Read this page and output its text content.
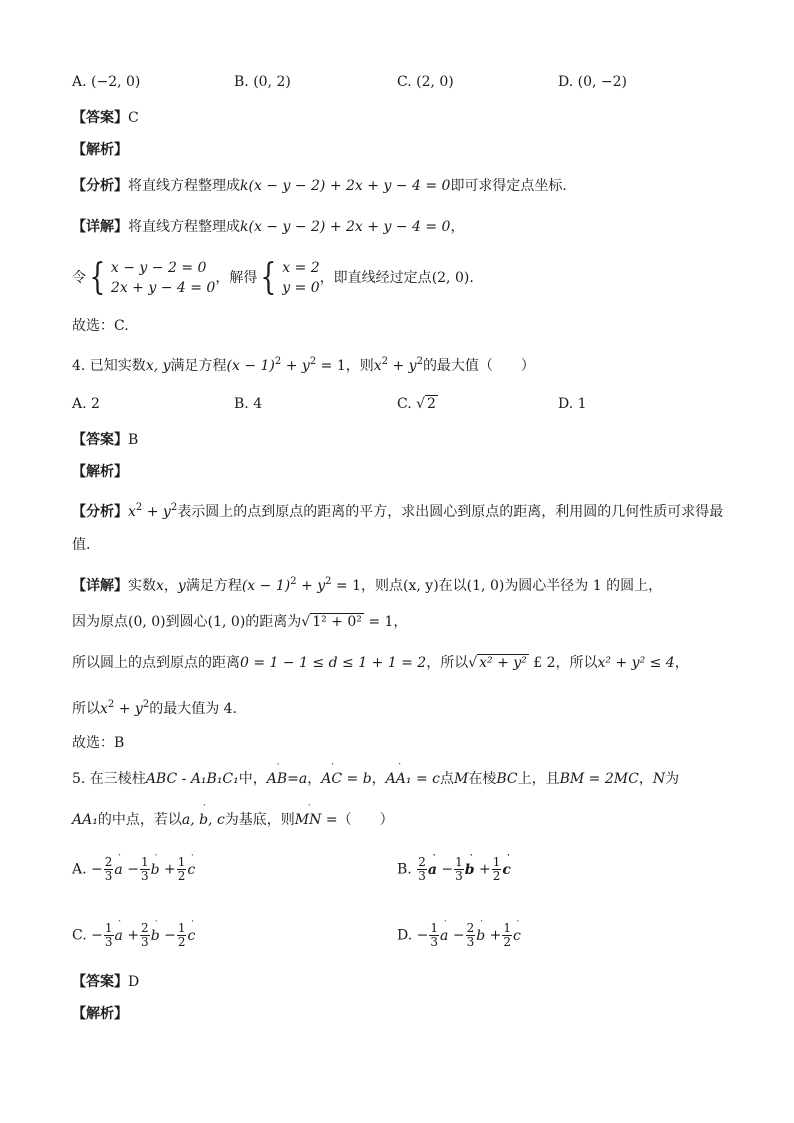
A. (−2, 0)	B. (0, 2)	C. (2, 0)	D. (0, −2)
【答案】C
【解析】
【分析】将直线方程整理成k(x − y − 2) + 2x + y − 4 = 0即可求得定点坐标.
【详解】将直线方程整理成k(x − y − 2) + 2x + y − 4 = 0，
令 { x − y − 2 = 0
2x + y − 4 = 0
，解得 { x = 2
y = 0
，即直线经过定点(2, 0).
故选：C.
4. 已知实数x, y满足方程$(x - 1)^2 + y^2 = 1$，则$x^2 + y^2$的最大值（　　）
A. 2	B. 4	C. √ 2	D. 1
【答案】B
【解析】
【分析】$x^2 + y^2$表示圆上的点到原点的距离的平方，求出圆心到原点的距离，利用圆的几何性质可求得最
值.
【详解】实数x，y满足方程$(x - 1)^2 + y^2 = 1$，则点(x, y)在以(1, 0)为圆心半径为 1 的圆上，
因为原点(0, 0)到圆心(1, 0)的距离为√ 1² + 0² = 1，
所以圆上的点到原点的距离0 = 1 − 1 ≤ d ≤ 1 + 1 = 2，所以√ x² + y² £ 2，所以x² + y² ≤ 4，
所以$x^2 + y^2$的最大值为 4.
故选：B
5. 在三棱柱ABC - A₁B₁C₁中，‵ AB=a，‵ AC = b，‵ AA₁ = c点M在棱BC上，且BM = 2MC，N为
AA₁的中点，若以‵ a, b, c为基底，则‵ MN =（　　）
A. − $\frac{2}{3}$ ‵ $a - \frac{1}{3}$ ‵ $b + \frac{1}{2}$ ‵ c	B. $\frac{2}{3}$ ‵ $a - \frac{1}{3}$ ‵ $b + \frac{1}{2}$ ‵ c
C. − $\frac{1}{3}$ ‵ $a + \frac{2}{3}$ ‵ $b - \frac{1}{2}$ ‵ c	D. − $\frac{1}{3}$ ‵ $a - \frac{2}{3}$ ‵ $b + \frac{1}{2}$ ‵ c
【答案】D
【解析】
